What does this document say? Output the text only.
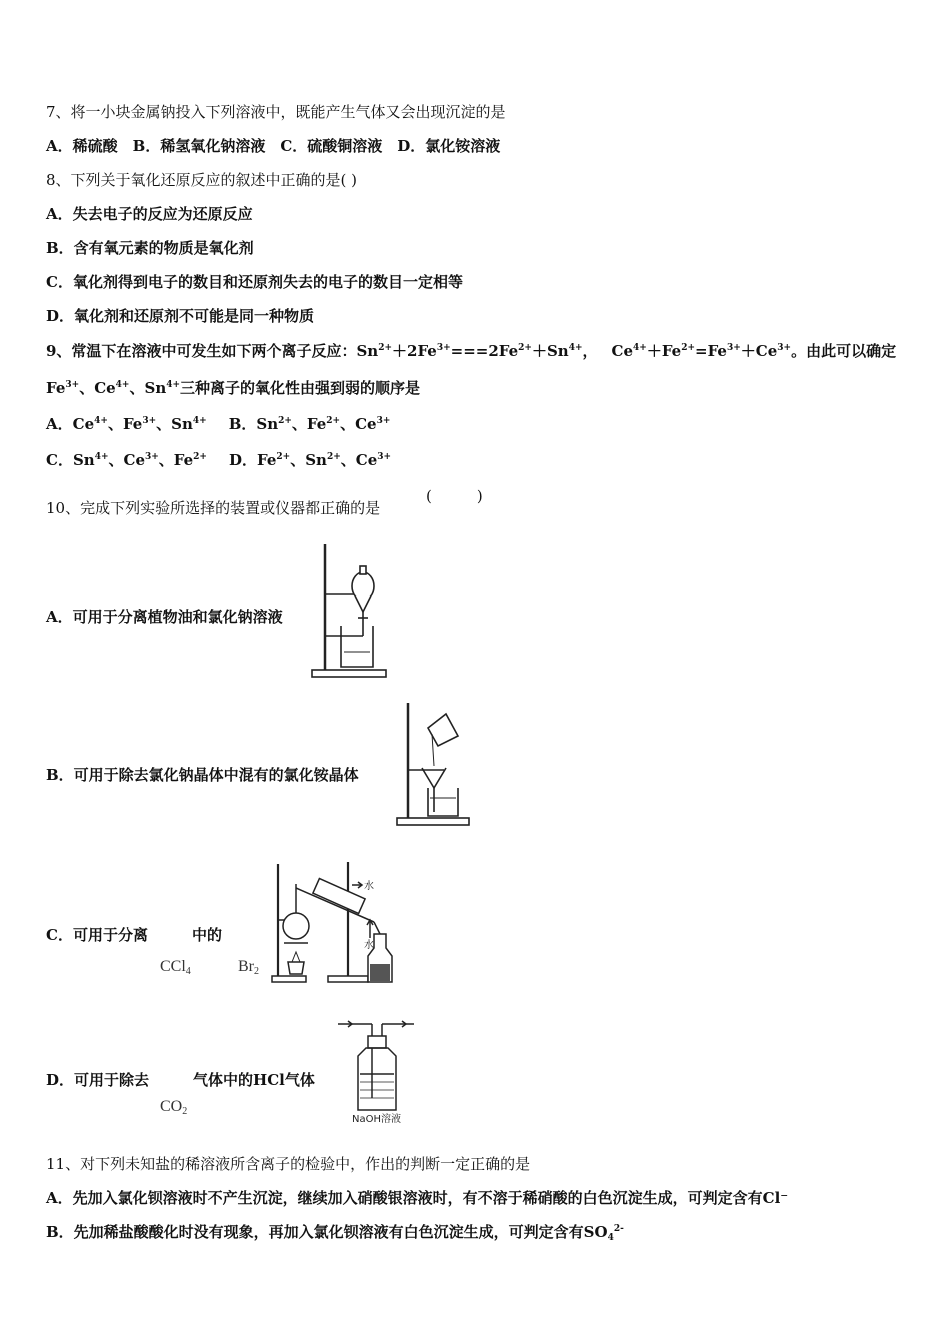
7、将一小块金属钠投入下列溶液中，既能产生气体又会出现沉淀的是
A．稀硫酸　B．稀氢氧化钠溶液　C．硫酸铜溶液　D．氯化铵溶液
8、下列关于氧化还原反应的叙述中正确的是( )
A．失去电子的反应为还原反应
B．含有氧元素的物质是氧化剂
C．氧化剂得到电子的数目和还原剂失去的电子的数目一定相等
D．氧化剂和还原剂不可能是同一种物质
9、常温下在溶液中可发生如下两个离子反应：$Sn^{2+}+2Fe^{3+}===2Fe^{2+}+Sn^{4+}$， $Ce^{4+}+Fe^{2+}=Fe^{3+}+Ce^{3+}$。由此可以确定
$Fe^{3+}$、$Ce^{4+}$、$Sn^{4+}$三种离子的氧化性由强到弱的顺序是
A．$Ce^{4+}$、$Fe^{3+}$、$Sn^{4+}$ B．$Sn^{2+}$、$Fe^{2+}$、$Ce^{3+}$
C．$Sn^{4+}$、$Ce^{3+}$、$Fe^{2+}$ D．$Fe^{2+}$、$Sn^{2+}$、$Ce^{3+}$
10、完成下列实验所选择的装置或仪器都正确的是
(　　　)
A．可用于分离植物油和氯化钠溶液
B．可用于除去氯化钠晶体中混有的氯化铵晶体
C．可用于分离	中的
CCl$_4$	$Br_2$
D．可用于除去	气体中的HCl气体
$CO_2$
水
水
NaOH溶液
11、对下列未知盐的稀溶液所含离子的检验中，作出的判断一定正确的是
A．先加入氯化钡溶液时不产生沉淀，继续加入硝酸银溶液时，有不溶于稀硝酸的白色沉淀生成，可判定含有Cl⁻
B．先加稀盐酸酸化时没有现象，再加入氯化钡溶液有白色沉淀生成，可判定含有$SO_4^{2-}$
